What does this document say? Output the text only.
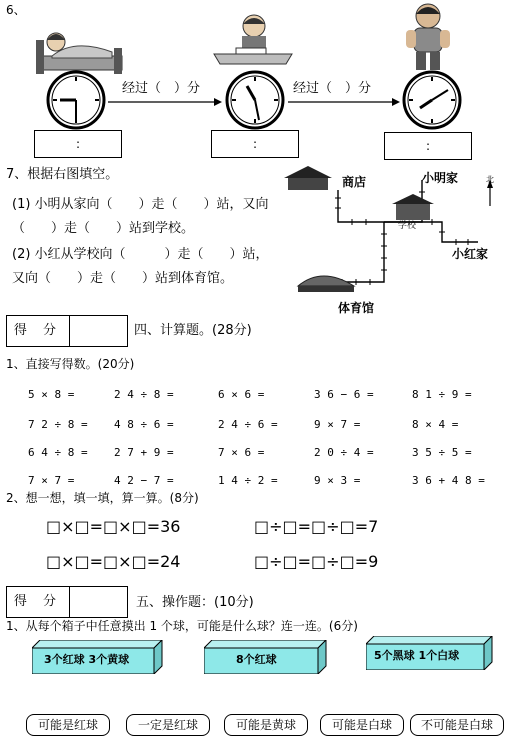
6、
经过（　）分	经过（　）分
:	:	:
7、根据右图填空。
(1) 小明从家向（　　）走（　　）站，又向
（　　）走（　　）站到学校。
(2) 小红从学校向（　　　）走（　　）站，
又向（　　）走（　　）站到体育馆。
商店	小明家
学校
小红家
体育馆
北
得 分	四、计算题。(28分)
1、直接写得数。(20分)
5 × 8 =	2 4 ÷ 8 =	6 × 6 =	3 6 − 6 =	8 1 ÷ 9 =
7 2 ÷ 8 = 4 8 ÷ 6 =	2 4 ÷ 6 =	9 × 7 =	8 × 4 =
6 4 ÷ 8 = 2 7 + 9 =	7 × 6 =	2 0 ÷ 4 =	3 5 ÷ 5 =
7 × 7 =	4 2 − 7 =	1 4 ÷ 2 =	9 × 3 =	3 6 + 4 8 =
2、想一想，填一填，算一算。(8分)
□×□=□×□=36	□÷□=□÷□=7
□×□=□×□=24	□÷□=□÷□=9
得 分	五、操作题：(10分)
1、从每个箱子中任意摸出 1 个球，可能是什么球？连一连。(6分)
3个红球 3个黄球	8个红球	5个黑球 1个白球
可能是红球	一定是红球	可能是黄球	可能是白球	不可能是白球
